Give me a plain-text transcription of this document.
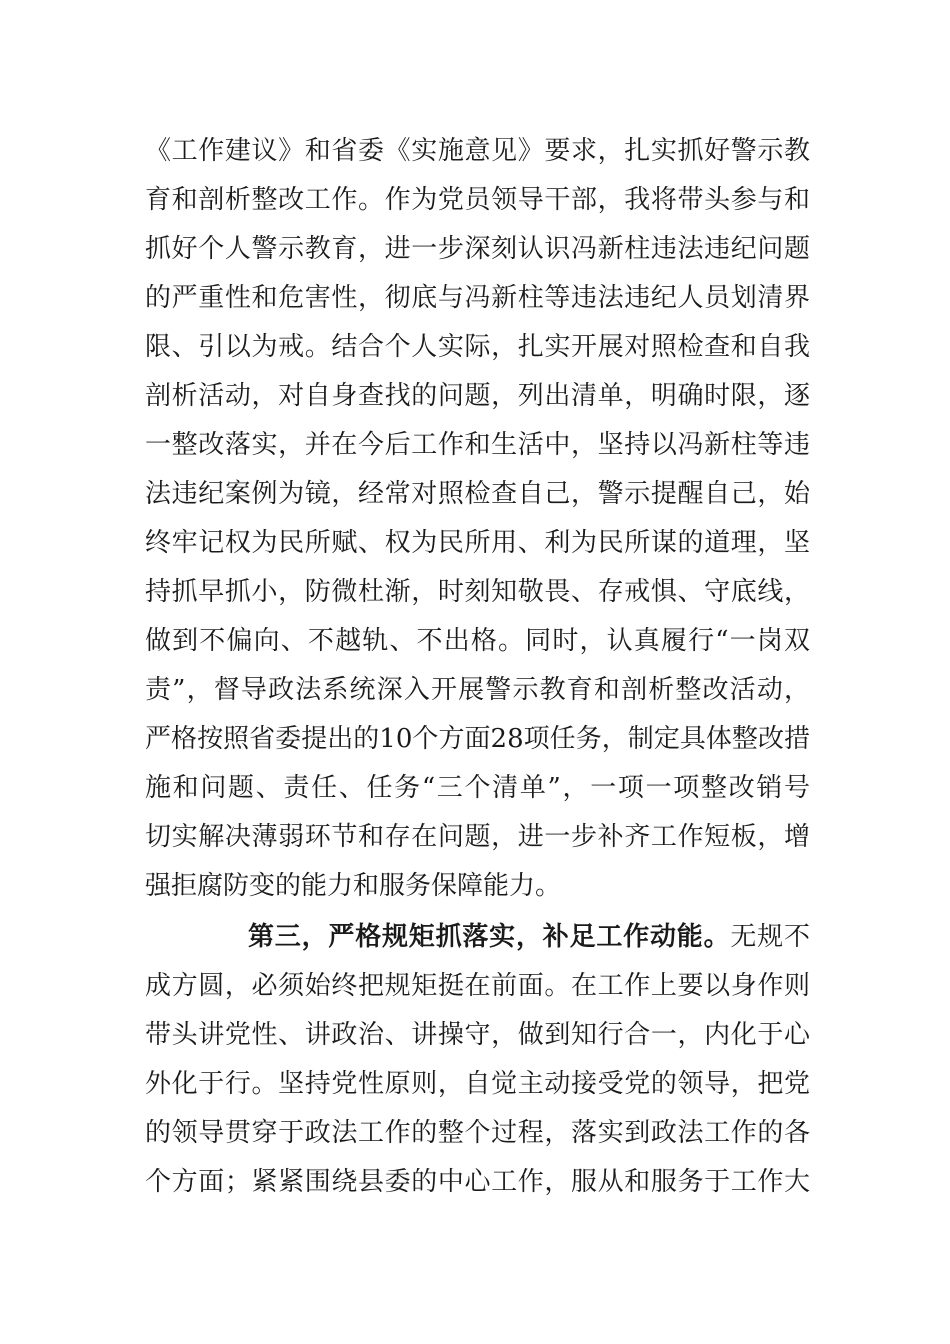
《工作建议》和省委《实施意见》要求，扎实抓好警示教
育和剖析整改工作。作为党员领导干部，我将带头参与和
抓好个人警示教育，进一步深刻认识冯新柱违法违纪问题
的严重性和危害性，彻底与冯新柱等违法违纪人员划清界
限、引以为戒。结合个人实际，扎实开展对照检查和自我
剖析活动，对自身查找的问题，列出清单，明确时限，逐
一整改落实，并在今后工作和生活中，坚持以冯新柱等违
法违纪案例为镜，经常对照检查自己，警示提醒自己，始
终牢记权为民所赋、权为民所用、利为民所谋的道理，坚
持抓早抓小，防微杜渐，时刻知敬畏、存戒惧、守底线，
做到不偏向、不越轨、不出格。同时，认真履行“一岗双
责”，督导政法系统深入开展警示教育和剖析整改活动，
严格按照省委提出的10个方面28项任务，制定具体整改措
施和问题、责任、任务“三个清单”，一项一项整改销号
切实解决薄弱环节和存在问题，进一步补齐工作短板，增
强拒腐防变的能力和服务保障能力。
第三，严格规矩抓落实，补足工作动能。无规不
成方圆，必须始终把规矩挺在前面。在工作上要以身作则
带头讲党性、讲政治、讲操守，做到知行合一，内化于心
外化于行。坚持党性原则，自觉主动接受党的领导，把党
的领导贯穿于政法工作的整个过程，落实到政法工作的各
个方面；紧紧围绕县委的中心工作，服从和服务于工作大
